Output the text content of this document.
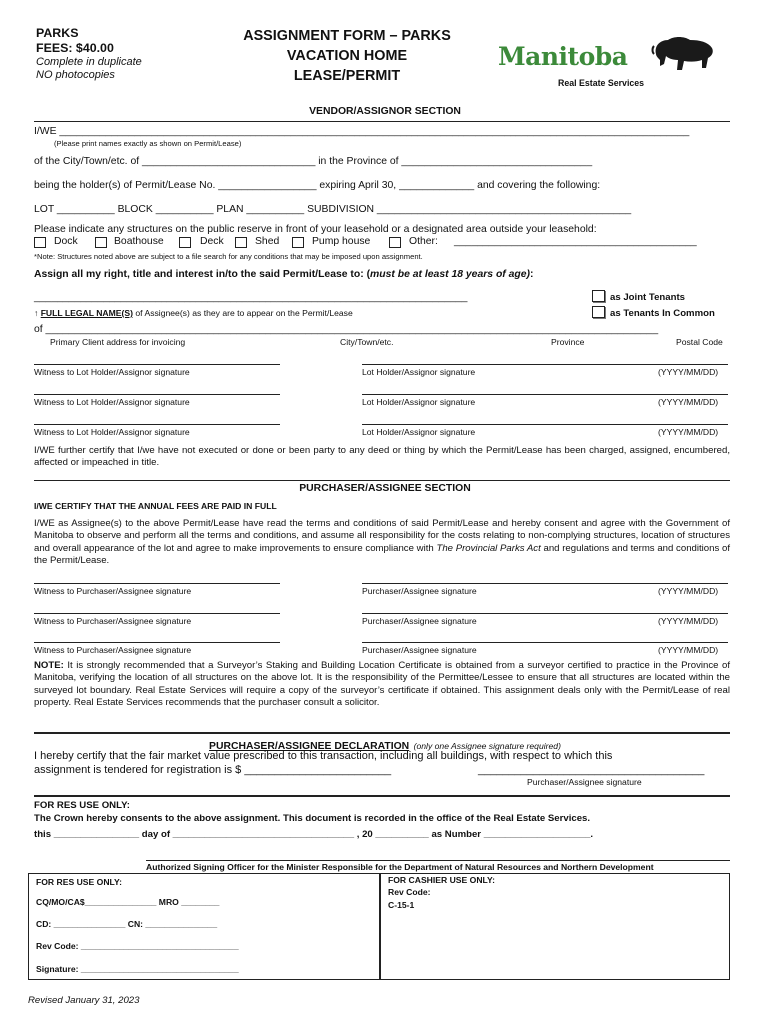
PARKS
FEES: $40.00
Complete in duplicate
NO photocopies
ASSIGNMENT FORM – PARKS
VACATION HOME
LEASE/PERMIT
Manitoba
Real Estate Services
VENDOR/ASSIGNOR SECTION
I/WE _____________________________________________________________________________________________________________
(Please print names exactly as shown on Permit/Lease)
of the City/Town/etc. of ______________________________ in the Province of _________________________________
being the holder(s) of Permit/Lease No. _________________ expiring April 30, _____________ and covering the following:
LOT __________ BLOCK __________ PLAN __________ SUBDIVISION ____________________________________________
Please indicate any structures on the public reserve in front of your leasehold or a designated area outside your leasehold:
Dock	Boathouse	Deck	Shed	Pump house	Other: __________________________________________
*Note: Structures noted above are subject to a file search for any conditions that may be imposed upon assignment.
Assign all my right, title and interest in/to the said Permit/Lease to: (must be at least 18 years of age):
___________________________________________________________________________	as Joint Tenants
as Tenants In Common
↑ FULL LEGAL NAME(S) of Assignee(s) as they are to appear on the Permit/Lease
of __________________________________________________________________________________________________________
Primary Client address for invoicing	City/Town/etc.	Province	Postal Code
Witness to Lot Holder/Assignor signature	Lot Holder/Assignor signature	(YYYY/MM/DD)
Witness to Lot Holder/Assignor signature	Lot Holder/Assignor signature	(YYYY/MM/DD)
Witness to Lot Holder/Assignor signature	Lot Holder/Assignor signature	(YYYY/MM/DD)
I/WE further certify that I/we have not executed or done or been party to any deed or thing by which the Permit/Lease has been charged, assigned, encumbered, affected or impeached in title.
PURCHASER/ASSIGNEE SECTION
I/WE CERTIFY THAT THE ANNUAL FEES ARE PAID IN FULL
I/WE as Assignee(s) to the above Permit/Lease have read the terms and conditions of said Permit/Lease and hereby consent and agree with the Government of Manitoba to observe and perform all the terms and conditions, and assume all responsibility for the costs relating to non-complying structures, location of structures and overall appearance of the lot and agree to make improvements to ensure compliance with The Provincial Parks Act and regulations and terms and conditions of the Permit/Lease.
Witness to Purchaser/Assignee signature	Purchaser/Assignee signature	(YYYY/MM/DD)
Witness to Purchaser/Assignee signature	Purchaser/Assignee signature	(YYYY/MM/DD)
Witness to Purchaser/Assignee signature	Purchaser/Assignee signature	(YYYY/MM/DD)
NOTE: It is strongly recommended that a Surveyor’s Staking and Building Location Certificate is obtained from a surveyor certified to practice in the Province of Manitoba, verifying the location of all structures on the above lot. It is the responsibility of the Permittee/Lessee to ensure that all structures are located within the surveyed lot boundary. Real Estate Services will require a copy of the surveyor’s certificate if obtained. This assignment deals only with the Permit/Lease of real property. Real Estate Services recommends that the purchaser consult a solicitor.
PURCHASER/ASSIGNEE DECLARATION (only one Assignee signature required)
I hereby certify that the fair market value prescribed to this transaction, including all buildings, with respect to which this
assignment is tendered for registration is $ ________________________	_____________________________________
Purchaser/Assignee signature
FOR RES USE ONLY:
The Crown hereby consents to the above assignment. This document is recorded in the office of the Real Estate Services.
this ________________ day of __________________________________ , 20 __________ as Number ____________________.
Authorized Signing Officer for the Minister Responsible for the Department of Natural Resources and Northern Development
FOR RES USE ONLY:
CQ/MO/CA$_______________ MRO ________
CD: _______________ CN: _______________
Rev Code: _________________________________
Signature: _________________________________
FOR CASHIER USE ONLY:
Rev Code:
C-15-1
Revised January 31, 2023
